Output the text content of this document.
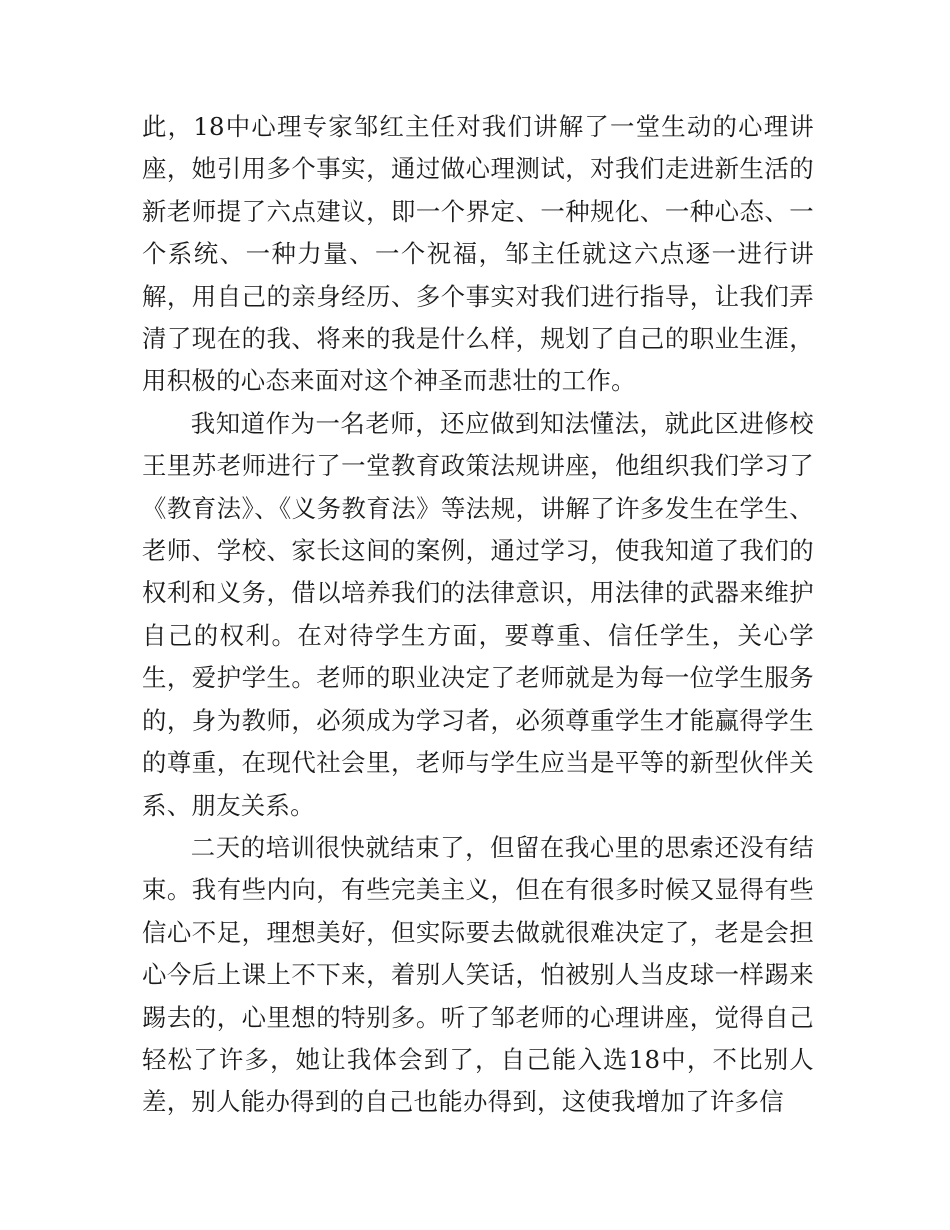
此，18中心理专家邹红主任对我们讲解了一堂生动的心理讲座，她引用多个事实，通过做心理测试，对我们走进新生活的新老师提了六点建议，即一个界定、一种规化、一种心态、一个系统、一种力量、一个祝福，邹主任就这六点逐一进行讲解，用自己的亲身经历、多个事实对我们进行指导，让我们弄清了现在的我、将来的我是什么样，规划了自己的职业生涯，用积极的心态来面对这个神圣而悲壮的工作。

我知道作为一名老师，还应做到知法懂法，就此区进修校王里苏老师进行了一堂教育政策法规讲座，他组织我们学习了《教育法》、《义务教育法》等法规，讲解了许多发生在学生、老师、学校、家长这间的案例，通过学习，使我知道了我们的权利和义务，借以培养我们的法律意识，用法律的武器来维护自己的权利。在对待学生方面，要尊重、信任学生，关心学生，爱护学生。老师的职业决定了老师就是为每一位学生服务的，身为教师，必须成为学习者，必须尊重学生才能赢得学生的尊重，在现代社会里，老师与学生应当是平等的新型伙伴关系、朋友关系。

二天的培训很快就结束了，但留在我心里的思索还没有结束。我有些内向，有些完美主义，但在有很多时候又显得有些信心不足，理想美好，但实际要去做就很难决定了，老是会担心今后上课上不下来，着别人笑话，怕被别人当皮球一样踢来踢去的，心里想的特别多。听了邹老师的心理讲座，觉得自己轻松了许多，她让我体会到了，自己能入选18中，不比别人差，别人能办得到的自己也能办得到，这使我增加了许多信
